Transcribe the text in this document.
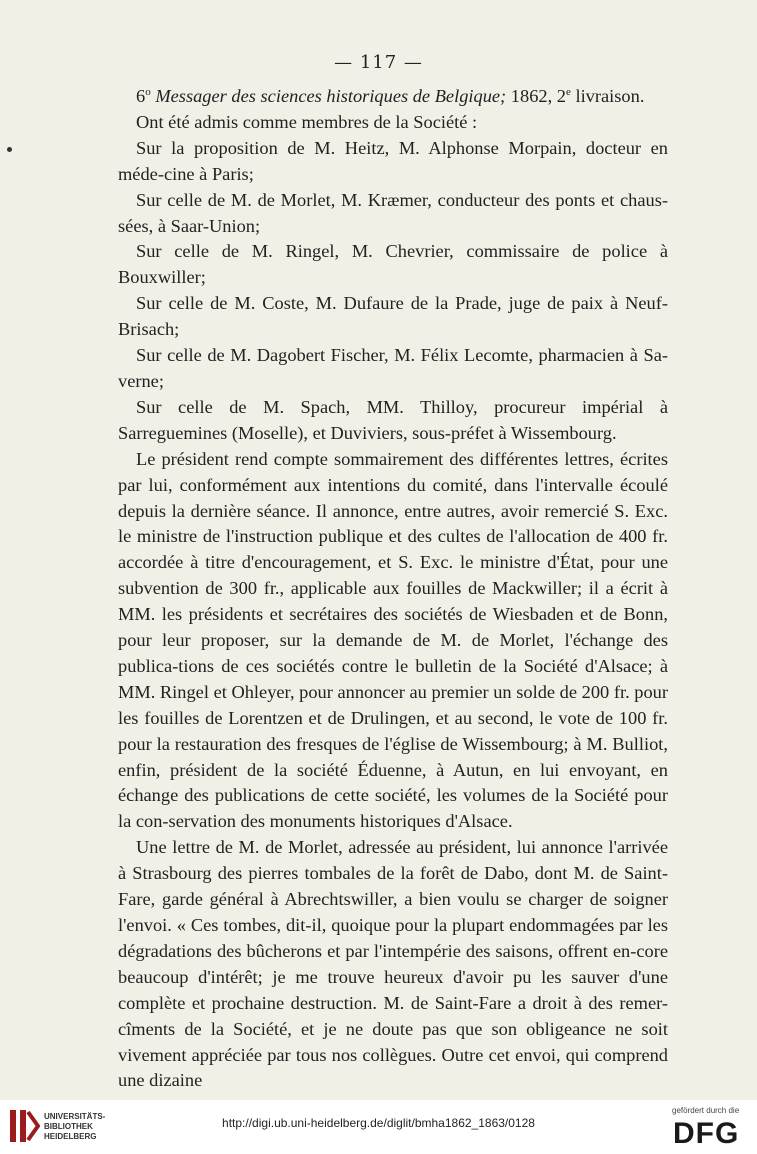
— 117 —

6$^o$ Messager des sciences historiques de Belgique; 1862, 2e livraison.

Ont été admis comme membres de la Société :

Sur la proposition de M. Heitz, M. Alphonse Morpain, docteur en méde-cine à Paris;

Sur celle de M. de Morlet, M. Kræmer, conducteur des ponts et chaus-sées, à Saar-Union;

Sur celle de M. Ringel, M. Chevrier, commissaire de police à Bouxwiller;

Sur celle de M. Coste, M. Dufaure de la Prade, juge de paix à Neuf-Brisach;

Sur celle de M. Dagobert Fischer, M. Félix Lecomte, pharmacien à Sa-verne;

Sur celle de M. Spach, MM. Thilloy, procureur impérial à Sarreguemines (Moselle), et Duviviers, sous-préfet à Wissembourg.

Le président rend compte sommairement des différentes lettres, écrites par lui, conformément aux intentions du comité, dans l'intervalle écoulé depuis la dernière séance. Il annonce, entre autres, avoir remercié S. Exc. le ministre de l'instruction publique et des cultes de l'allocation de 400 fr. accordée à titre d'encouragement, et S. Exc. le ministre d'État, pour une subvention de 300 fr., applicable aux fouilles de Mackwiller; il a écrit à MM. les présidents et secrétaires des sociétés de Wiesbaden et de Bonn, pour leur proposer, sur la demande de M. de Morlet, l'échange des publica-tions de ces sociétés contre le bulletin de la Société d'Alsace; à MM. Ringel et Ohleyer, pour annoncer au premier un solde de 200 fr. pour les fouilles de Lorentzen et de Drulingen, et au second, le vote de 100 fr. pour la restauration des fresques de l'église de Wissembourg; à M. Bulliot, enfin, président de la société Éduenne, à Autun, en lui envoyant, en échange des publications de cette société, les volumes de la Société pour la con-servation des monuments historiques d'Alsace.

Une lettre de M. de Morlet, adressée au président, lui annonce l'arrivée à Strasbourg des pierres tombales de la forêt de Dabo, dont M. de Saint-Fare, garde général à Abrechtswiller, a bien voulu se charger de soigner l'envoi. « Ces tombes, dit-il, quoique pour la plupart endommagées par les dégradations des bûcherons et par l'intempérie des saisons, offrent en-core beaucoup d'intérêt; je me trouve heureux d'avoir pu les sauver d'une complète et prochaine destruction. M. de Saint-Fare a droit à des remer-cîments de la Société, et je ne doute pas que son obligeance ne soit vivement appréciée par tous nos collègues. Outre cet envoi, qui comprend une dizaine

UNIVERSITÄTS-
BIBLIOTHEK
HEIDELBERG
http://digi.ub.uni-heidelberg.de/diglit/bmha1862_1863/0128
gefördert durch die
DFG
